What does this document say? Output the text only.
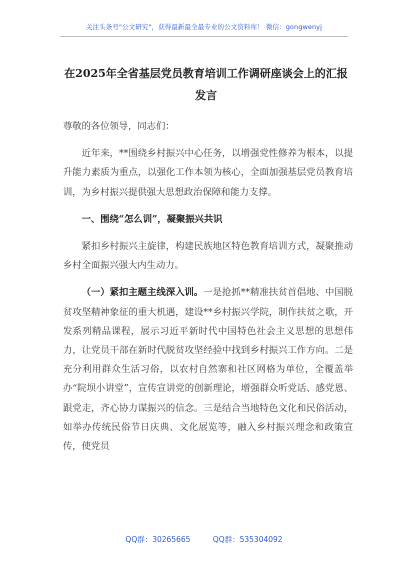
关注头条号"公文研究"，获得最新最全最专业的公文资料库！ 微信：gongwenyj
在2025年全省基层党员教育培训工作调研座谈会上的汇报
发言

尊敬的各位领导，同志们：

近年来，**围绕乡村振兴中心任务，以增强党性修养为根本，以提升能力素质为重点，以强化工作本领为核心，全面加强基层党员教育培训，为乡村振兴提供强大思想政治保障和能力支撑。

一、围绕“怎么训”，凝聚振兴共识

紧扣乡村振兴主旋律，构建民族地区特色教育培训方式，凝聚推动乡村全面振兴强大内生动力。

（一）紧扣主题主线深入训。一是抢抓**精准扶贫首倡地、中国脱贫攻坚精神象征的重大机遇，建设**乡村振兴学院，制作扶贫之歌，开发系列精品课程，展示习近平新时代中国特色社会主义思想的思想伟力，让党员干部在新时代脱贫攻坚经验中找到乡村振兴工作方向。二是充分利用群众生活习俗，以农村自然寨和社区网格为单位，全覆盖举办“院坝小讲堂”，宣传宣讲党的创新理论，增强群众听党话、感党恩、跟党走，齐心协力谋振兴的信念。三是结合当地特色文化和民俗活动，如举办传统民俗节日庆典、文化展览等，融入乡村振兴理念和政策宣传，使党员

QQ群：30265665	QQ群：535304092
